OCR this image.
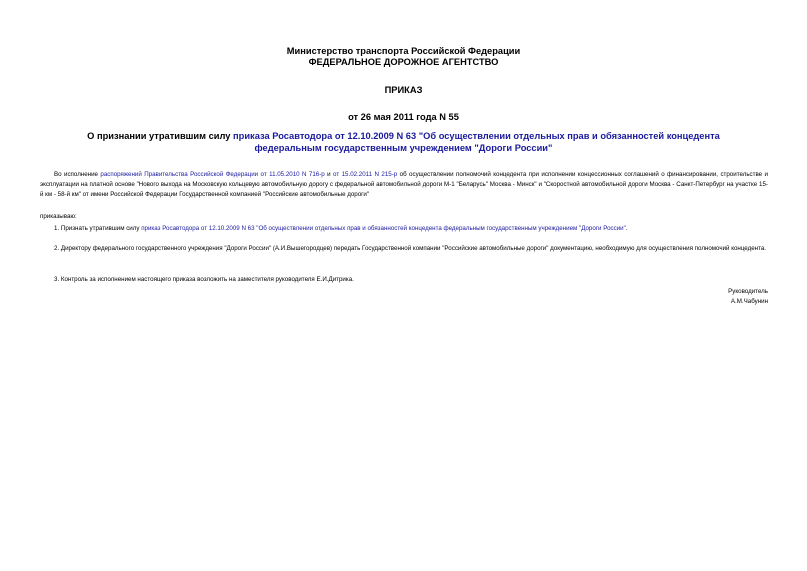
Министерство транспорта Российской Федерации
ФЕДЕРАЛЬНОЕ ДОРОЖНОЕ АГЕНТСТВО
ПРИКАЗ
от 26 мая 2011 года N 55
О признании утратившим силу приказа Росавтодора от 12.10.2009 N 63 "Об осуществлении отдельных прав и обязанностей концедента федеральным государственным учреждением "Дороги России"
Во исполнение распоряжений Правительства Российской Федерации от 11.05.2010 N 716-р и от 15.02.2011 N 215-р об осуществлении полномочий концедента при исполнении концессионных соглашений о финансировании, строительстве и эксплуатации на платной основе "Нового выхода на Московскую кольцевую автомобильную дорогу с федеральной автомобильной дороги М-1 "Беларусь" Москва - Минск" и "Скоростной автомобильной дороги Москва - Санкт-Петербург на участке 15-й км - 58-й км" от имени Российской Федерации Государственной компанией "Российские автомобильные дороги"
приказываю:
1. Признать утратившим силу приказ Росавтодора от 12.10.2009 N 63 "Об осуществлении отдельных прав и обязанностей концедента федеральным государственным учреждением "Дороги России".
2. Директору федерального государственного учреждения "Дороги России" (А.И.Вышегородцев) передать Государственной компании "Российские автомобильные дороги" документацию, необходимую для осуществления полномочий концедента.
3. Контроль за исполнением настоящего приказа возложить на заместителя руководителя Е.И.Дитрика.
Руководитель
А.М.Чабунин
